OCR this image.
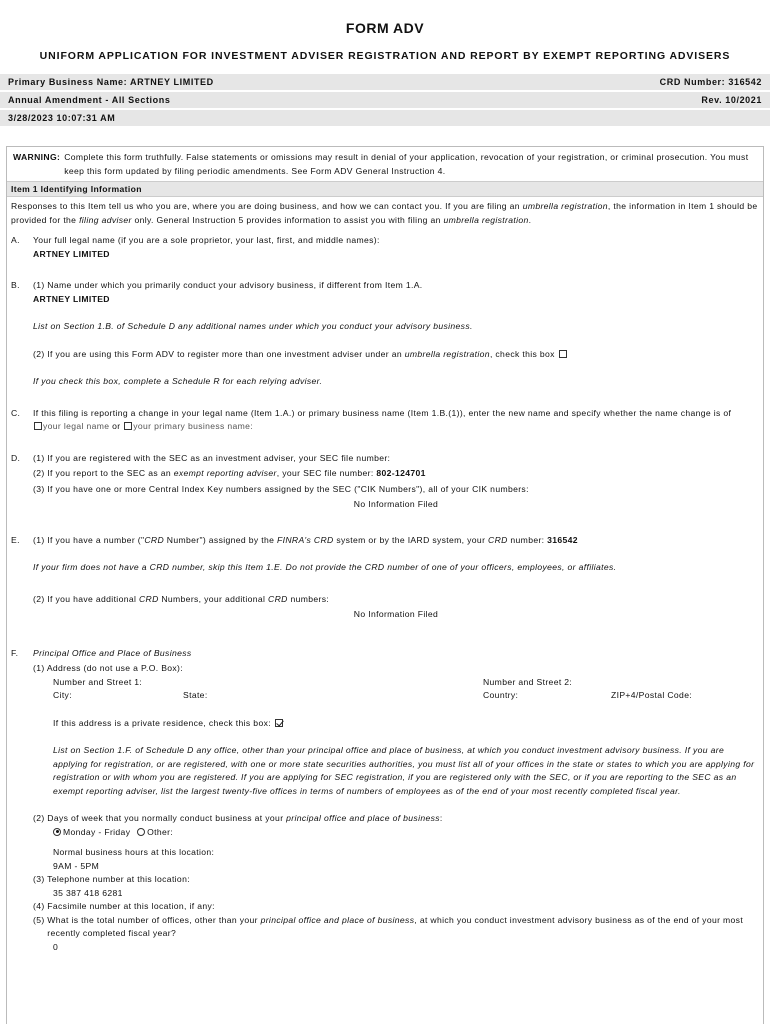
FORM ADV
UNIFORM APPLICATION FOR INVESTMENT ADVISER REGISTRATION AND REPORT BY EXEMPT REPORTING ADVISERS
Primary Business Name: ARTNEY LIMITED	CRD Number: 316542
Annual Amendment - All Sections	Rev. 10/2021
3/28/2023 10:07:31 AM
WARNING: Complete this form truthfully. False statements or omissions may result in denial of your application, revocation of your registration, or criminal prosecution. You must keep this form updated by filing periodic amendments. See Form ADV General Instruction 4.
Item 1 Identifying Information
Responses to this Item tell us who you are, where you are doing business, and how we can contact you. If you are filing an umbrella registration, the information in Item 1 should be provided for the filing adviser only. General Instruction 5 provides information to assist you with filing an umbrella registration.
A.	Your full legal name (if you are a sole proprietor, your last, first, and middle names):
ARTNEY LIMITED
B.	(1) Name under which you primarily conduct your advisory business, if different from Item 1.A.
ARTNEY LIMITED
List on Section 1.B. of Schedule D any additional names under which you conduct your advisory business.
(2) If you are using this Form ADV to register more than one investment adviser under an umbrella registration, check this box
If you check this box, complete a Schedule R for each relying adviser.
C.	If this filing is reporting a change in your legal name (Item 1.A.) or primary business name (Item 1.B.(1)), enter the new name and specify whether the name change is of
your legal name or your primary business name:
D.	(1) If you are registered with the SEC as an investment adviser, your SEC file number:
(2) If you report to the SEC as an exempt reporting adviser, your SEC file number: 802-124701
(3) If you have one or more Central Index Key numbers assigned by the SEC ("CIK Numbers"), all of your CIK numbers:
No Information Filed
E.	(1) If you have a number ("CRD Number") assigned by the FINRA's CRD system or by the IARD system, your CRD number: 316542
If your firm does not have a CRD number, skip this Item 1.E. Do not provide the CRD number of one of your officers, employees, or affiliates.
(2) If you have additional CRD Numbers, your additional CRD numbers:
No Information Filed
F.	Principal Office and Place of Business
(1) Address (do not use a P.O. Box):
Number and Street 1:	Number and Street 2:
City:	State:	Country:	ZIP+4/Postal Code:
If this address is a private residence, check this box:
List on Section 1.F. of Schedule D any office, other than your principal office and place of business, at which you conduct investment advisory business. If you are applying for registration, or are registered, with one or more state securities authorities, you must list all of your offices in the state or states to which you are applying for registration or with whom you are registered. If you are applying for SEC registration, if you are registered only with the SEC, or if you are reporting to the SEC as an exempt reporting adviser, list the largest twenty-five offices in terms of numbers of employees as of the end of your most recently completed fiscal year.
(2) Days of week that you normally conduct business at your principal office and place of business:
Monday - Friday Other:
Normal business hours at this location:
9AM - 5PM
(3) Telephone number at this location:
35 387 418 6281
(4) Facsimile number at this location, if any:
(5) What is the total number of offices, other than your principal office and place of business, at which you conduct investment advisory business as of the end of your most recently completed fiscal year?
0
